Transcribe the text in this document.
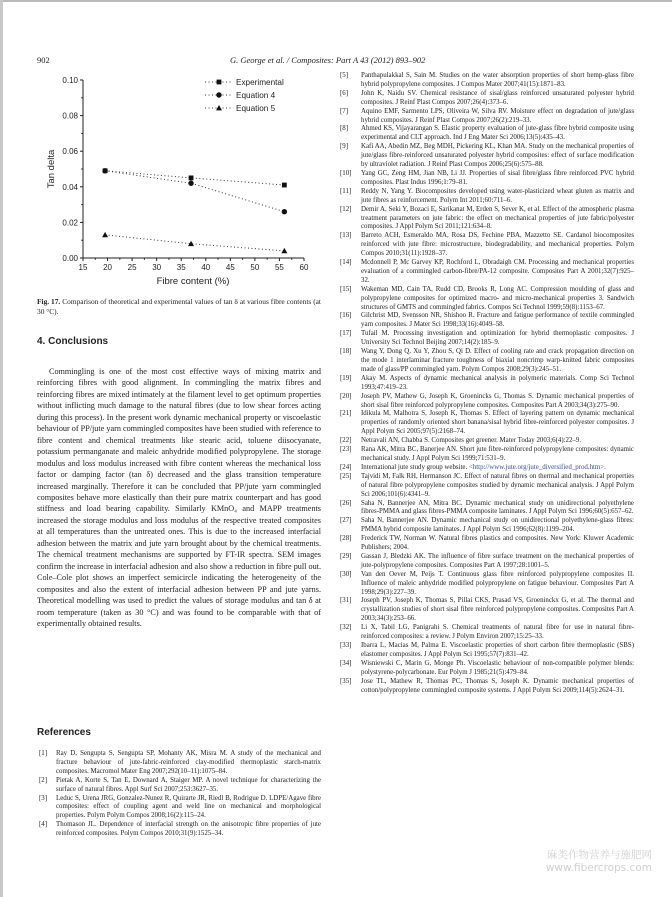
902	G. George et al. / Composites: Part A 43 (2012) 893–902
15 20 25 30 35 40 45 50 55 60
0.00
0.02
0.04
0.06
0.08
0.10	Experimental
Equation 4
Equation 5
Fibre content (%)
Tan delta
Fig. 17. Comparison of theoretical and experimental values of tan δ at various fibre contents (at 30 °C).
4. Conclusions
Commingling is one of the most cost effective ways of mixing matrix and reinforcing fibres with good alignment. In commingling the matrix fibres and reinforcing fibres are mixed intimately at the filament level to get optimum properties without inflicting much damage to the natural fibres (due to low shear forces acting during this process). In the present work dynamic mechanical property or viscoelastic behaviour of PP/jute yarn commingled composites have been studied with reference to fibre content and chemical treatments like stearic acid, toluene diisocyanate, potassium permanganate and maleic anhydride modified polypropylene. The storage modulus and loss modulus increased with fibre content whereas the mechanical loss factor or damping factor (tan δ) decreased and the glass transition temperature increased marginally. Therefore it can be concluded that PP/jute yarn commingled composites behave more elastically than their pure matrix counterpart and has good stiffness and load bearing capability. Similarly KMnO₄ and MAPP treatments increased the storage modulus and loss modulus of the respective treated composites at all temperatures than the untreated ones. This is due to the increased interfacial adhesion between the matrix and jute yarn brought about by the chemical treatments. The chemical treatment mechanisms are supported by FT-IR spectra. SEM images confirm the increase in interfacial adhesion and also show a reduction in fibre pull out. Cole–Cole plot shows an imperfect semicircle indicating the heterogeneity of the composites and also the extent of interfacial adhesion between PP and jute yarns. Theoretical modelling was used to predict the values of storage modulus and tan δ at room temperature (taken as 30 °C) and was found to be comparable with that of experimentally obtained results.
References
[1] Ray D, Sengupta S, Sengupta SP, Mohanty AK, Misra M. A study of the mechanical and fracture behaviour of jute-fabric-reinforced clay-modified thermoplastic starch-matrix composites. Macromol Mater Eng 2007;292(10–11):1075–84.
[2] Pietak A, Korte S, Tan E, Downard A, Staiger MP. A novel technique for characterizing the surface of natural fibres. Appl Surf Sci 2007;253:3627–35.
[3] Leduc S, Urena JRG, Gonzalez-Nunez R, Quirarte JR, Riedl B, Rodrigue D. LDPE/Agave fibre composites: effect of coupling agent and weld line on mechanical and morphological properties. Polym Polym Compos 2008;16(2):115–24.
[4] Thomason JL. Dependence of interfacial strength on the anisotropic fibre properties of jute reinforced composites. Polym Compos 2010;31(9):1525–34.
[5] Panthapulakkal S, Sain M. Studies on the water absorption properties of short hemp-glass fibre hybrid polypropylene composites. J Compos Mater 2007;41(15):1871–83.
[6] John K, Naidu SV. Chemical resistance of sisal/glass reinforced unsaturated polyester hybrid composites. J Reinf Plast Compos 2007;26(4):373–6.
[7] Aquino EMF, Sarmento LPS, Oliveira W, Silva RV. Moisture effect on degradation of jute/glass hybrid composites. J Reinf Plast Compos 2007;26(2):219–33.
[8] Ahmed KS, Vijayarangan S. Elastic property evaluation of jute-glass fibre hybrid composite using experimental and CLT approach. Ind J Eng Mater Sci 2006;13(5):435–43.
[9] Kafi AA, Abedin MZ, Beg MDH, Pickering KL, Khan MA. Study on the mechanical properties of jute/glass fibre-reinforced unsaturated polyester hybrid composites: effect of surface modification by ultraviolet radiation. J Reinf Plast Compos 2006;25(6):575–88.
[10] Yang GC, Zeng HM, Jian NB, Li JJ. Properties of sisal fibre/glass fibre reinforced PVC hybrid composites. Plast Indus 1996;1:79–81.
[11] Reddy N, Yang Y. Biocomposites developed using water-plasticized wheat gluten as matrix and jute fibres as reinforcement. Polym Int 2011;60:711–6.
[12] Demir A, Seki Y, Bozaci E, Sarikanat M, Erden S, Sever K, et al. Effect of the atmospheric plasma treatment parameters on jute fabric: the effect on mechanical properties of jute fabric/polyester composites. J Appl Polym Sci 2011;121:634–8.
[13] Barreto ACH, Esmeraldo MA, Rosa DS, Fechine PBA, Mazzetto SE. Cardanol biocomposites reinforced with jute fibre: microstructure, biodegradability, and mechanical properties. Polym Compos 2010;31(11):1928–37.
[14] Mcdonnell P, Mc Garvey KP, Rochford L, Obradaigh CM. Processing and mechanical properties evaluation of a commingled carbon-fibre/PA-12 composite. Composites Part A 2001;32(7):925–32.
[15] Wakeman MD, Cain TA, Rudd CD, Brooks R, Long AC. Compression moulding of glass and polypropylene composites for optimized macro- and micro-mechanical properties 3. Sandwich structures of GMTS and commingled fabrics. Compos Sci Technol 1999;59(8):1153–67.
[16] Gilchrist MD, Svensson NR, Shishoo R. Fracture and fatigue performance of textile commingled yarn composites. J Mater Sci 1998;33(16):4049–58.
[17] Tufail M. Processing investigation and optimization for hybrid thermoplastic composites. J University Sci Technol Beijing 2007;14(2):185–9.
[18] Wang Y, Dong Q, Xu Y, Zhou S, Qi D. Effect of cooling rate and crack propagation direction on the mode 1 interlaminar fracture toughness of biaxial noncrimp warp-knitted fabric composites made of glass/PP commingled yarn. Polym Compos 2008;29(3):245–51.
[19] Akay M. Aspects of dynamic mechanical analysis in polymeric materials. Comp Sci Technol 1993;47:419–23.
[20] Joseph PV, Mathew G, Joseph K, Groenincks G, Thomas S. Dynamic mechanical properties of short sisal fibre reinforced polypropylene composites. Composites Part A 2003;34(3):275–90.
[21] Idikula M, Malhotra S, Joseph K, Thomas S. Effect of layering pattern on dynamic mechanical properties of randomly oriented short banana/sisal hybrid fibre-reinforced polyester composites. J Appl Polym Sci 2005;97(5):2168–74.
[22] Netravali AN, Chabba S. Composites get greener. Mater Today 2003;6(4):22–9.
[23] Rana AK, Mitra BC, Banerjee AN. Short jute fibre-reinforced polypropylene composites: dynamic mechanical study. J Appl Polym Sci 1999;71:531–9.
[24] International jute study group website. <http://www.jute.org/jute_diversified_prod.htm>.
[25] Tajvidi M, Falk RH, Hermanson JC. Effect of natural fibres on thermal and mechanical properties of natural fibre polypropylene composites studied by dynamic mechanical analysis. J Appl Polym Sci 2006;101(6):4341–9.
[26] Saha N, Bannerjee AN, Mitra BC. Dynamic mechanical study on unidirectional polyethylene fibres-PMMA and glass fibres-PMMA composite laminates. J Appl Polym Sci 1996;60(5):657–62.
[27] Saha N, Bannerjee AN. Dynamic mechanical study on unidirectional polyethylene-glass fibres: PMMA hybrid composite laminates. J Appl Polym Sci 1996;62(8):1199–204.
[28] Frederick TW, Norman W. Natural fibres plastics and composites. New York: Kluwer Academic Publishers; 2004.
[29] Gassan J, Bledzki AK. The influence of fibre surface treatment on the mechanical properties of jute-polypropylene composites. Composites Part A 1997;28:1001–5.
[30] Van den Oever M, Peijs T. Continuous glass fibre reinforced polypropylene composites II. Influence of maleic anhydride modified polypropylene on fatigue behaviour. Composites Part A 1998;29(3):227–39.
[31] Joseph PV, Joseph K, Thomas S, Pillai CKS, Prasad VS, Groeninckx G, et al. The thermal and crystallization studies of short sisal fibre reinforced polypropylene composites. Composites Part A 2003;34(3):253–66.
[32] Li X, Tabil LG, Panigrahi S. Chemical treatments of natural fibre for use in natural fibre-reinforced composites: a review. J Polym Environ 2007;15:25–33.
[33] Ibarra L, Macias M, Palma E. Viscoelastic properties of short carbon fibre thermoplastic (SBS) elastomer composites. J Appl Polym Sci 1995;57(7):831–42.
[34] Wisniewski C, Marin G, Monge Ph. Viscoelastic behaviour of non-compatible polymer blends: polystyrene-polycarbonate. Eur Polym J 1985;21(5):479–84.
[35] Jose TL, Mathew R, Thomas PC, Thomas S, Joseph K. Dynamic mechanical properties of cotton/polypropylene commingled composite systems. J Appl Polym Sci 2009;114(5):2624–31.
麻类作物营养与施肥网
www.fibercrops.com
